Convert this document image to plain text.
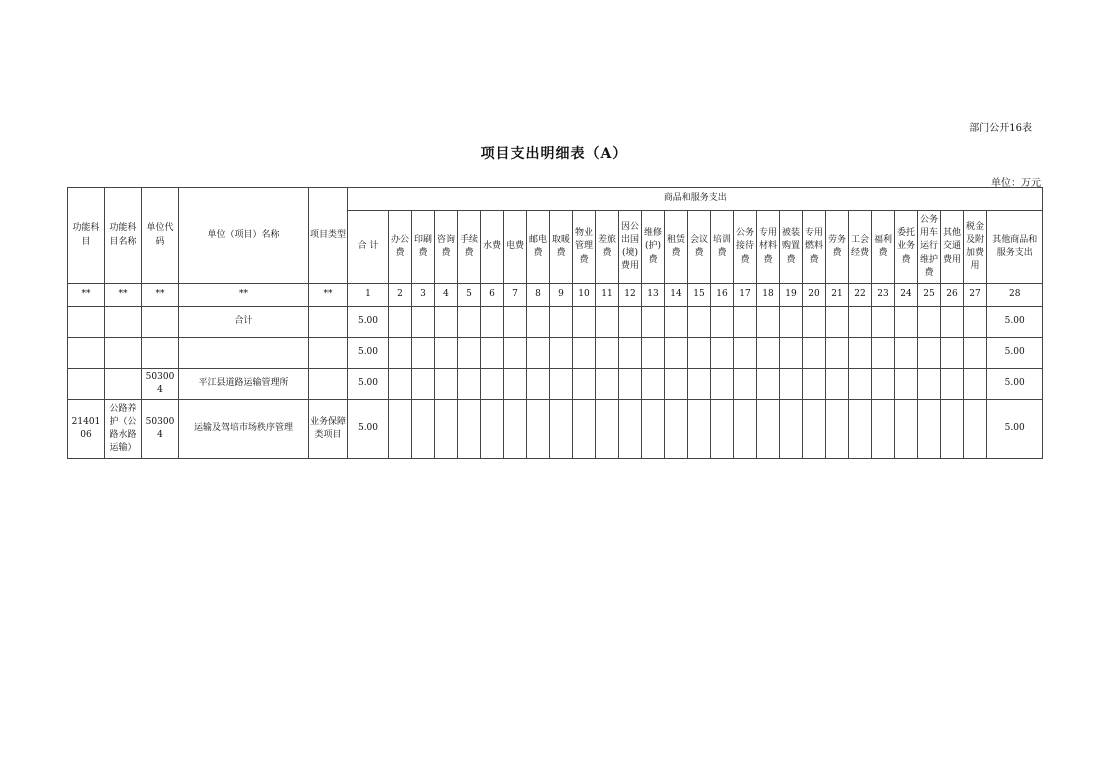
部门公开16表
项目支出明细表（A）
单位：万元
功能科目	功能科目名称	单位代码	单位（项目）名称	项目类型	商品和服务支出																											
					合 计	办公费	印刷费	咨询费	手续费	水费	电费	邮电费	取暖费	物业管理费	差旅费	因公出国(境)费用	维修(护)费	租赁费	会议费	培训费	公务接待费	专用材料费	被装购置费	专用燃料费	劳务费	工会经费	福利费	委托业务费	公务用车运行维护费	其他交通费用	税金及附加费用	其他商品和服务支出
**	**	**	**	**	1	2	3	4	5	6	7	8	9	10	11	12	13	14	15	16	17	18	19	20	21	22	23	24	25	26	27	28
			合计		5.00																											5.00
					5.00																											5.00
		503004	平江县道路运输管理所		5.00																											5.00
2140106	公路养护（公路水路运输）	503004	运输及驾培市场秩序管理	业务保障类项目	5.00																											5.00
